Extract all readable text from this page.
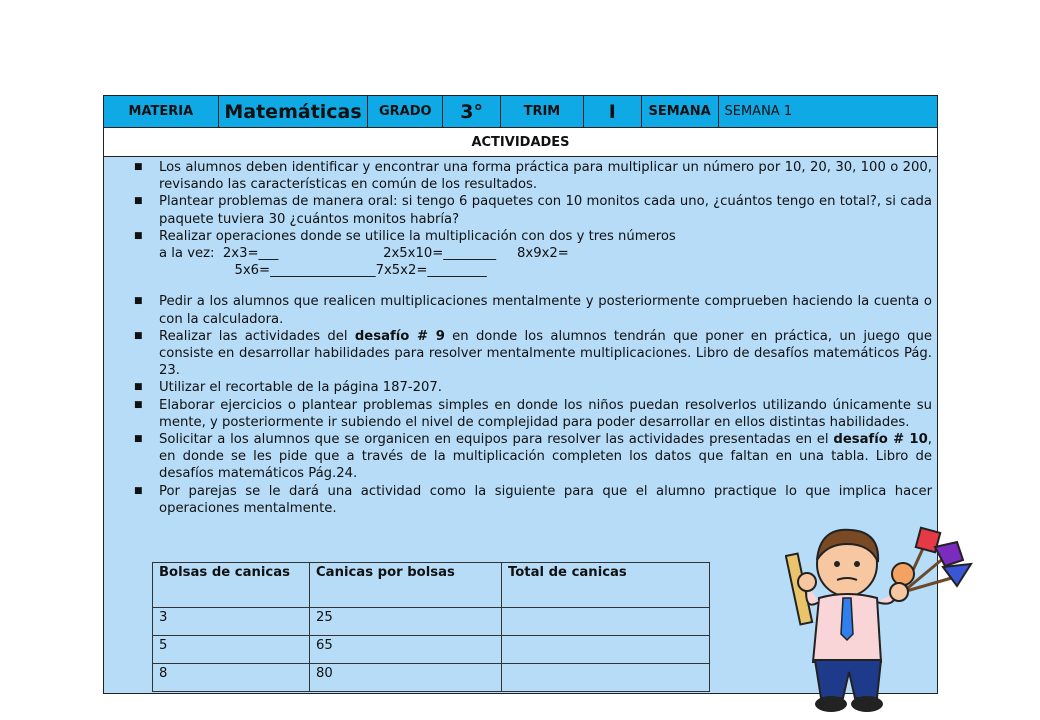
MATERIA	Matemáticas	GRADO	3°	TRIM	I	SEMANA	SEMANA 1
ACTIVIDADES
■ Los alumnos deben identificar y encontrar una forma práctica para multiplicar un número por 10, 20, 30, 100 o 200, revisando las características en común de los resultados.
■ Plantear problemas de manera oral: si tengo 6 paquetes con 10 monitos cada uno, ¿cuántos tengo en total?, si cada paquete tuviera 30 ¿cuántos monitos habría?
■ Realizar operaciones donde se utilice la multiplicación con dos y tres números
a la vez:  2x3=___                         2x5x10=________     8x9x2=
5x6=________________7x5x2=_________
■ Pedir a los alumnos que realicen multiplicaciones mentalmente y posteriormente comprueben haciendo la cuenta o con la calculadora.
■ Realizar las actividades del desafío # 9 en donde los alumnos tendrán que poner en práctica, un juego que consiste en desarrollar habilidades para resolver mentalmente multiplicaciones. Libro de desafíos matemáticos Pág. 23.
■ Utilizar el recortable de la página 187-207.
■ Elaborar ejercicios o plantear problemas simples en donde los niños puedan resolverlos utilizando únicamente su mente, y posteriormente ir subiendo el nivel de complejidad para poder desarrollar en ellos distintas habilidades.
■ Solicitar a los alumnos que se organicen en equipos para resolver las actividades presentadas en el desafío # 10, en donde se les pide que a través de la multiplicación completen los datos que faltan en una tabla. Libro de desafíos matemáticos Pág.24.
■ Por parejas se le dará una actividad como la siguiente para que el alumno practique lo que implica hacer operaciones mentalmente.
Bolsas de canicas	Canicas por bolsas	Total de canicas
3	25	
5	65	
8	80	
